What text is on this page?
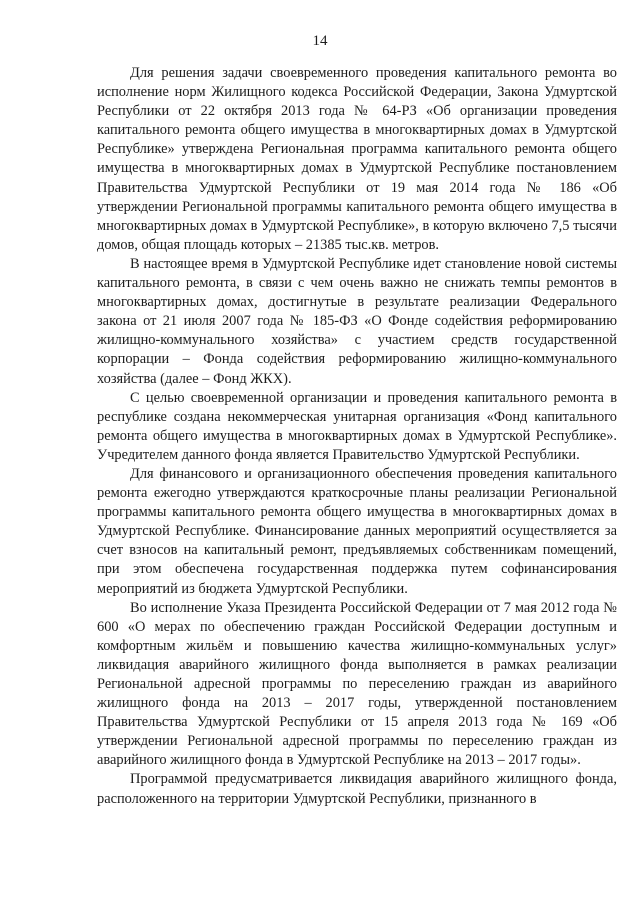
14

Для решения задачи своевременного проведения капитального ремонта во исполнение норм Жилищного кодекса Российской Федерации, Закона Удмуртской Республики от 22 октября 2013 года № 64-РЗ «Об организации проведения капитального ремонта общего имущества в многоквартирных домах в Удмуртской Республике» утверждена Региональная программа капитального ремонта общего имущества в многоквартирных домах в Удмуртской Республике постановлением Правительства Удмуртской Республики от 19 мая 2014 года № 186 «Об утверждении Региональной программы капитального ремонта общего имущества в многоквартирных домах в Удмуртской Республике», в которую включено 7,5 тысячи домов, общая площадь которых – 21385 тыс.кв. метров.

В настоящее время в Удмуртской Республике идет становление новой системы капитального ремонта, в связи с чем очень важно не снижать темпы ремонтов в многоквартирных домах, достигнутые в результате реализации Федерального закона от 21 июля 2007 года № 185-ФЗ «О Фонде содействия реформированию жилищно-коммунального хозяйства» с участием средств государственной корпорации – Фонда содействия реформированию жилищно-коммунального хозяйства (далее – Фонд ЖКХ).

С целью своевременной организации и проведения капитального ремонта в республике создана некоммерческая унитарная организация «Фонд капитального ремонта общего имущества в многоквартирных домах в Удмуртской Республике». Учредителем данного фонда является Правительство Удмуртской Республики.

Для финансового и организационного обеспечения проведения капитального ремонта ежегодно утверждаются краткосрочные планы реализации Региональной программы капитального ремонта общего имущества в многоквартирных домах в Удмуртской Республике. Финансирование данных мероприятий осуществляется за счет взносов на капитальный ремонт, предъявляемых собственникам помещений, при этом обеспечена государственная поддержка путем софинансирования мероприятий из бюджета Удмуртской Республики.

Во исполнение Указа Президента Российской Федерации от 7 мая 2012 года № 600 «О мерах по обеспечению граждан Российской Федерации доступным и комфортным жильём и повышению качества жилищно-коммунальных услуг» ликвидация аварийного жилищного фонда выполняется в рамках реализации Региональной адресной программы по переселению граждан из аварийного жилищного фонда на 2013 – 2017 годы, утвержденной постановлением Правительства Удмуртской Республики от 15 апреля 2013 года № 169 «Об утверждении Региональной адресной программы по переселению граждан из аварийного жилищного фонда в Удмуртской Республике на 2013 – 2017 годы».

Программой предусматривается ликвидация аварийного жилищного фонда, расположенного на территории Удмуртской Республики, признанного в
